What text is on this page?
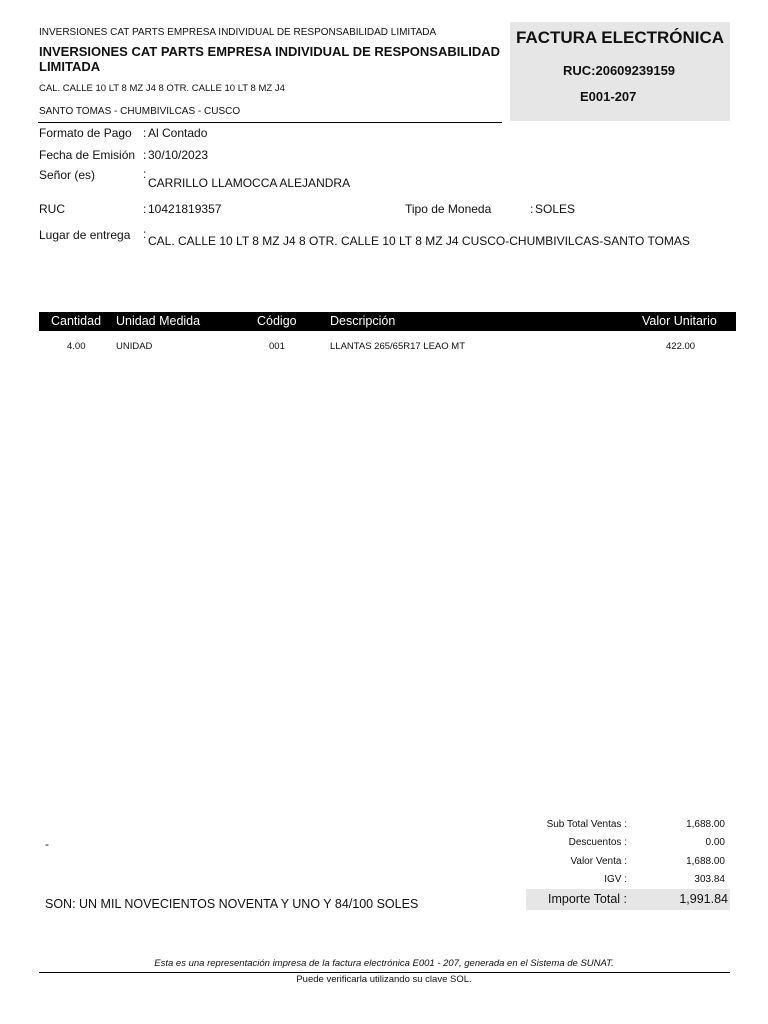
INVERSIONES CAT PARTS EMPRESA INDIVIDUAL DE RESPONSABILIDAD LIMITADA
INVERSIONES CAT PARTS EMPRESA INDIVIDUAL DE RESPONSABILIDAD LIMITADA
CAL. CALLE 10 LT 8 MZ J4 8 OTR. CALLE 10 LT 8 MZ J4
SANTO TOMAS - CHUMBIVILCAS - CUSCO
FACTURA ELECTRÓNICA
RUC:20609239159
E001-207
Formato de Pago : Al Contado
Fecha de Emisión : 30/10/2023
Señor (es)	:
CARRILLO LLAMOCCA ALEJANDRA
RUC	: 10421819357	Tipo de Moneda	: SOLES
Lugar de entrega : CAL. CALLE 10 LT 8 MZ J4 8 OTR. CALLE 10 LT 8 MZ J4 CUSCO-CHUMBIVILCAS-SANTO TOMAS
Cantidad Unidad Medida	Código	Descripción	Valor Unitario
4.00	UNIDAD	001	LLANTAS 265/65R17 LEAO MT	422.00
Sub Total Ventas :	1,688.00
Descuentos :	0.00
Valor Venta :	1,688.00
IGV :	303.84
Importe Total :	1,991.84
-
SON: UN MIL NOVECIENTOS NOVENTA Y UNO Y 84/100 SOLES
Esta es una representación impresa de la factura electrónica E001 - 207, generada en el Sistema de SUNAT.
Puede verificarla utilizando su clave SOL.
